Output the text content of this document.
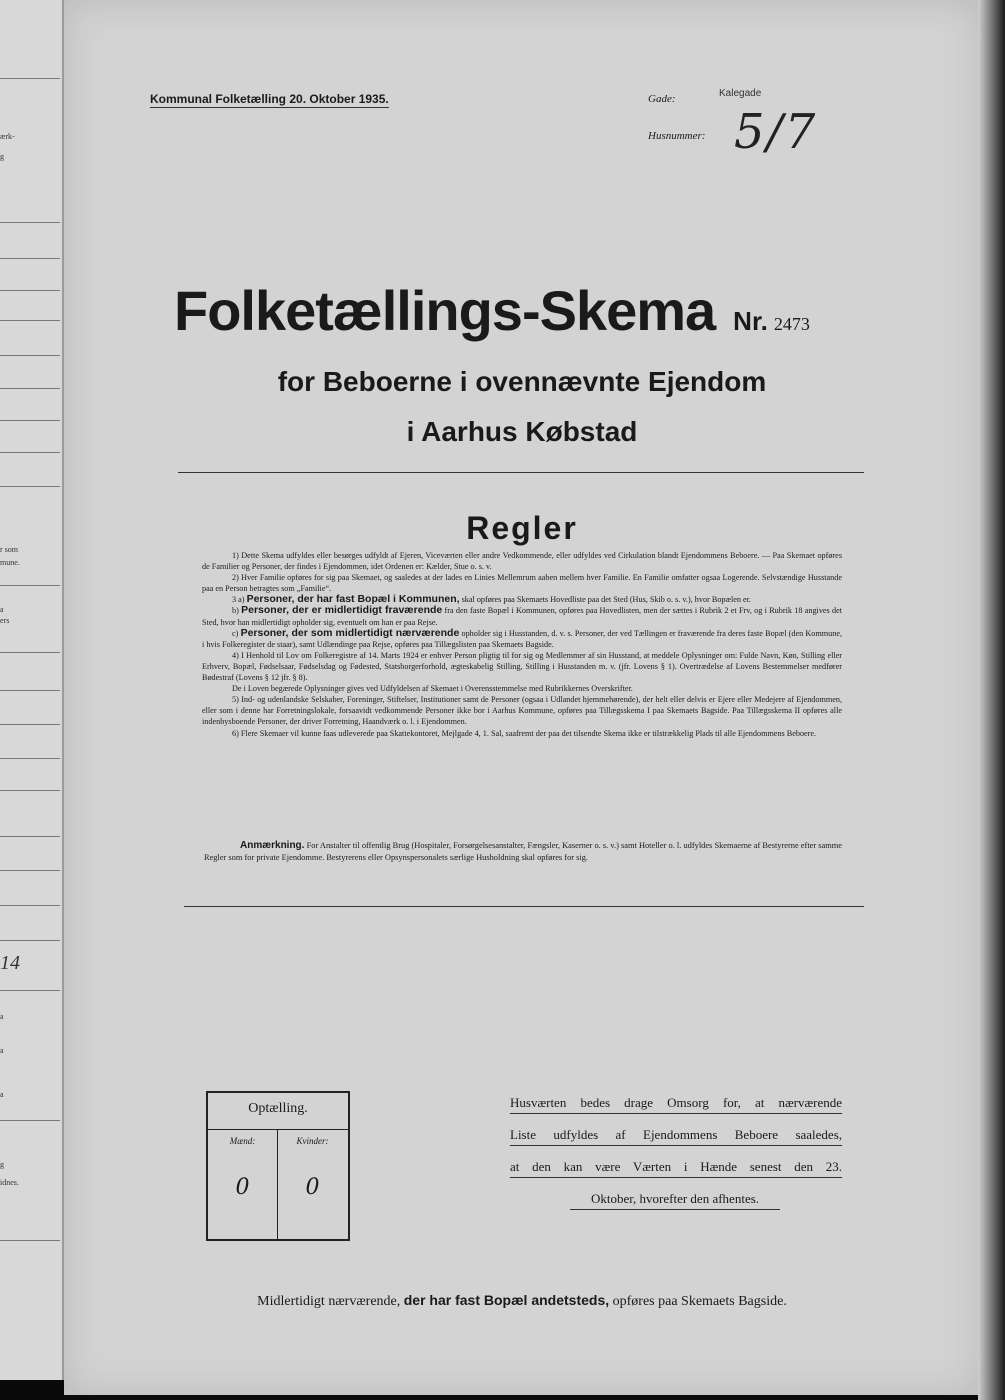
ærk-
g
r som
mune.
a
ers
14
a
a
a
g
idnes.
Kommunal Folketælling 20. Oktober 1935.	Gade:	Kalegade
Husnummer: 5/7
Folketællings-Skema Nr. 2473
for Beboerne i ovennævnte Ejendom
i Aarhus Købstad
Regler

1) Dette Skema udfyldes eller besørges udfyldt af Ejeren, Viceværten eller andre Vedkommende, eller udfyldes ved Cirkulation blandt Ejendommens Beboere. — Paa Skemaet opføres de Familier og Personer, der findes i Ejendommen, idet Ordenen er: Kælder, Stue o. s. v.

2) Hver Familie opføres for sig paa Skemaet, og saaledes at der lades en Linies Mellemrum aaben mellem hver Familie. En Familie omfatter ogsaa Logerende. Selvstændige Husstande paa en Person betragtes som „Familie“.

3 a) Personer, der har fast Bopæl i Kommunen, skal opføres paa Skemaets Hovedliste paa det Sted (Hus, Skib o. s. v.), hvor Bopælen er.

b) Personer, der er midlertidigt fraværende fra den faste Bopæl i Kommunen, opføres paa Hovedlisten, men der sættes i Rubrik 2 et Frv, og i Rubrik 18 angives det Sted, hvor han midlertidigt opholder sig, eventuelt om han er paa Rejse.

c) Personer, der som midlertidigt nærværende opholder sig i Husstanden, d. v. s. Personer, der ved Tællingen er fraværende fra deres faste Bopæl (den Kommune, i hvis Folkeregister de staar), samt Udlændinge paa Rejse, opføres paa Tillægslisten paa Skemaets Bagside.

4) I Henhold til Lov om Folkeregistre af 14. Marts 1924 er enhver Person pligtig til for sig og Medlemmer af sin Husstand, at meddele Oplysninger om: Fulde Navn, Køn, Stilling eller Erhverv, Bopæl, Fødselsaar, Fødselsdag og Fødested, Statsborgerforhold, ægteskabelig Stilling, Stilling i Husstanden m. v. (jfr. Lovens § 1). Overtrædelse af Lovens Bestemmelser medfører Bødestraf (Lovens § 12 jfr. § 8).

De i Loven begærede Oplysninger gives ved Udfyldelsen af Skemaet i Overensstemmelse med Rubrikkernes Overskrifter.

5) Ind- og udenlandske Selskaber, Foreninger, Stiftelser, Institutioner samt de Personer (ogsaa i Udlandet hjemmehørende), der helt eller delvis er Ejere eller Medejere af Ejendommen, eller som i denne har Forretningslokale, forsaavidt vedkommende Personer ikke bor i Aarhus Kommune, opføres paa Tillægsskema I paa Skemaets Bagside. Paa Tillægsskema II opføres alle indenbysboende Personer, der driver Forretning, Haandværk o. l. i Ejendommen.

6) Flere Skemaer vil kunne faas udleverede paa Skattekontoret, Mejlgade 4, 1. Sal, saafremt der paa det tilsendte Skema ikke er tilstrækkelig Plads til alle Ejendommens Beboere.

Anmærkning. For Anstalter til offentlig Brug (Hospitaler, Forsørgelsesanstalter, Fængsler, Kaserner o. s. v.) samt Hoteller o. l. udfyldes Skemaerne af Bestyrerne efter samme Regler som for private Ejendomme. Bestyrerens eller Opsynspersonalets særlige Husholdning skal opføres for sig.
Optælling.
Mænd:	Kvinder:
0	0
Husværten bedes drage Omsorg for, at nærværende
Liste udfyldes af Ejendommens Beboere saaledes,
at den kan være Værten i Hænde senest den 23.
Oktober, hvorefter den afhentes.
Midlertidigt nærværende, der har fast Bopæl andetsteds, opføres paa Skemaets Bagside.
